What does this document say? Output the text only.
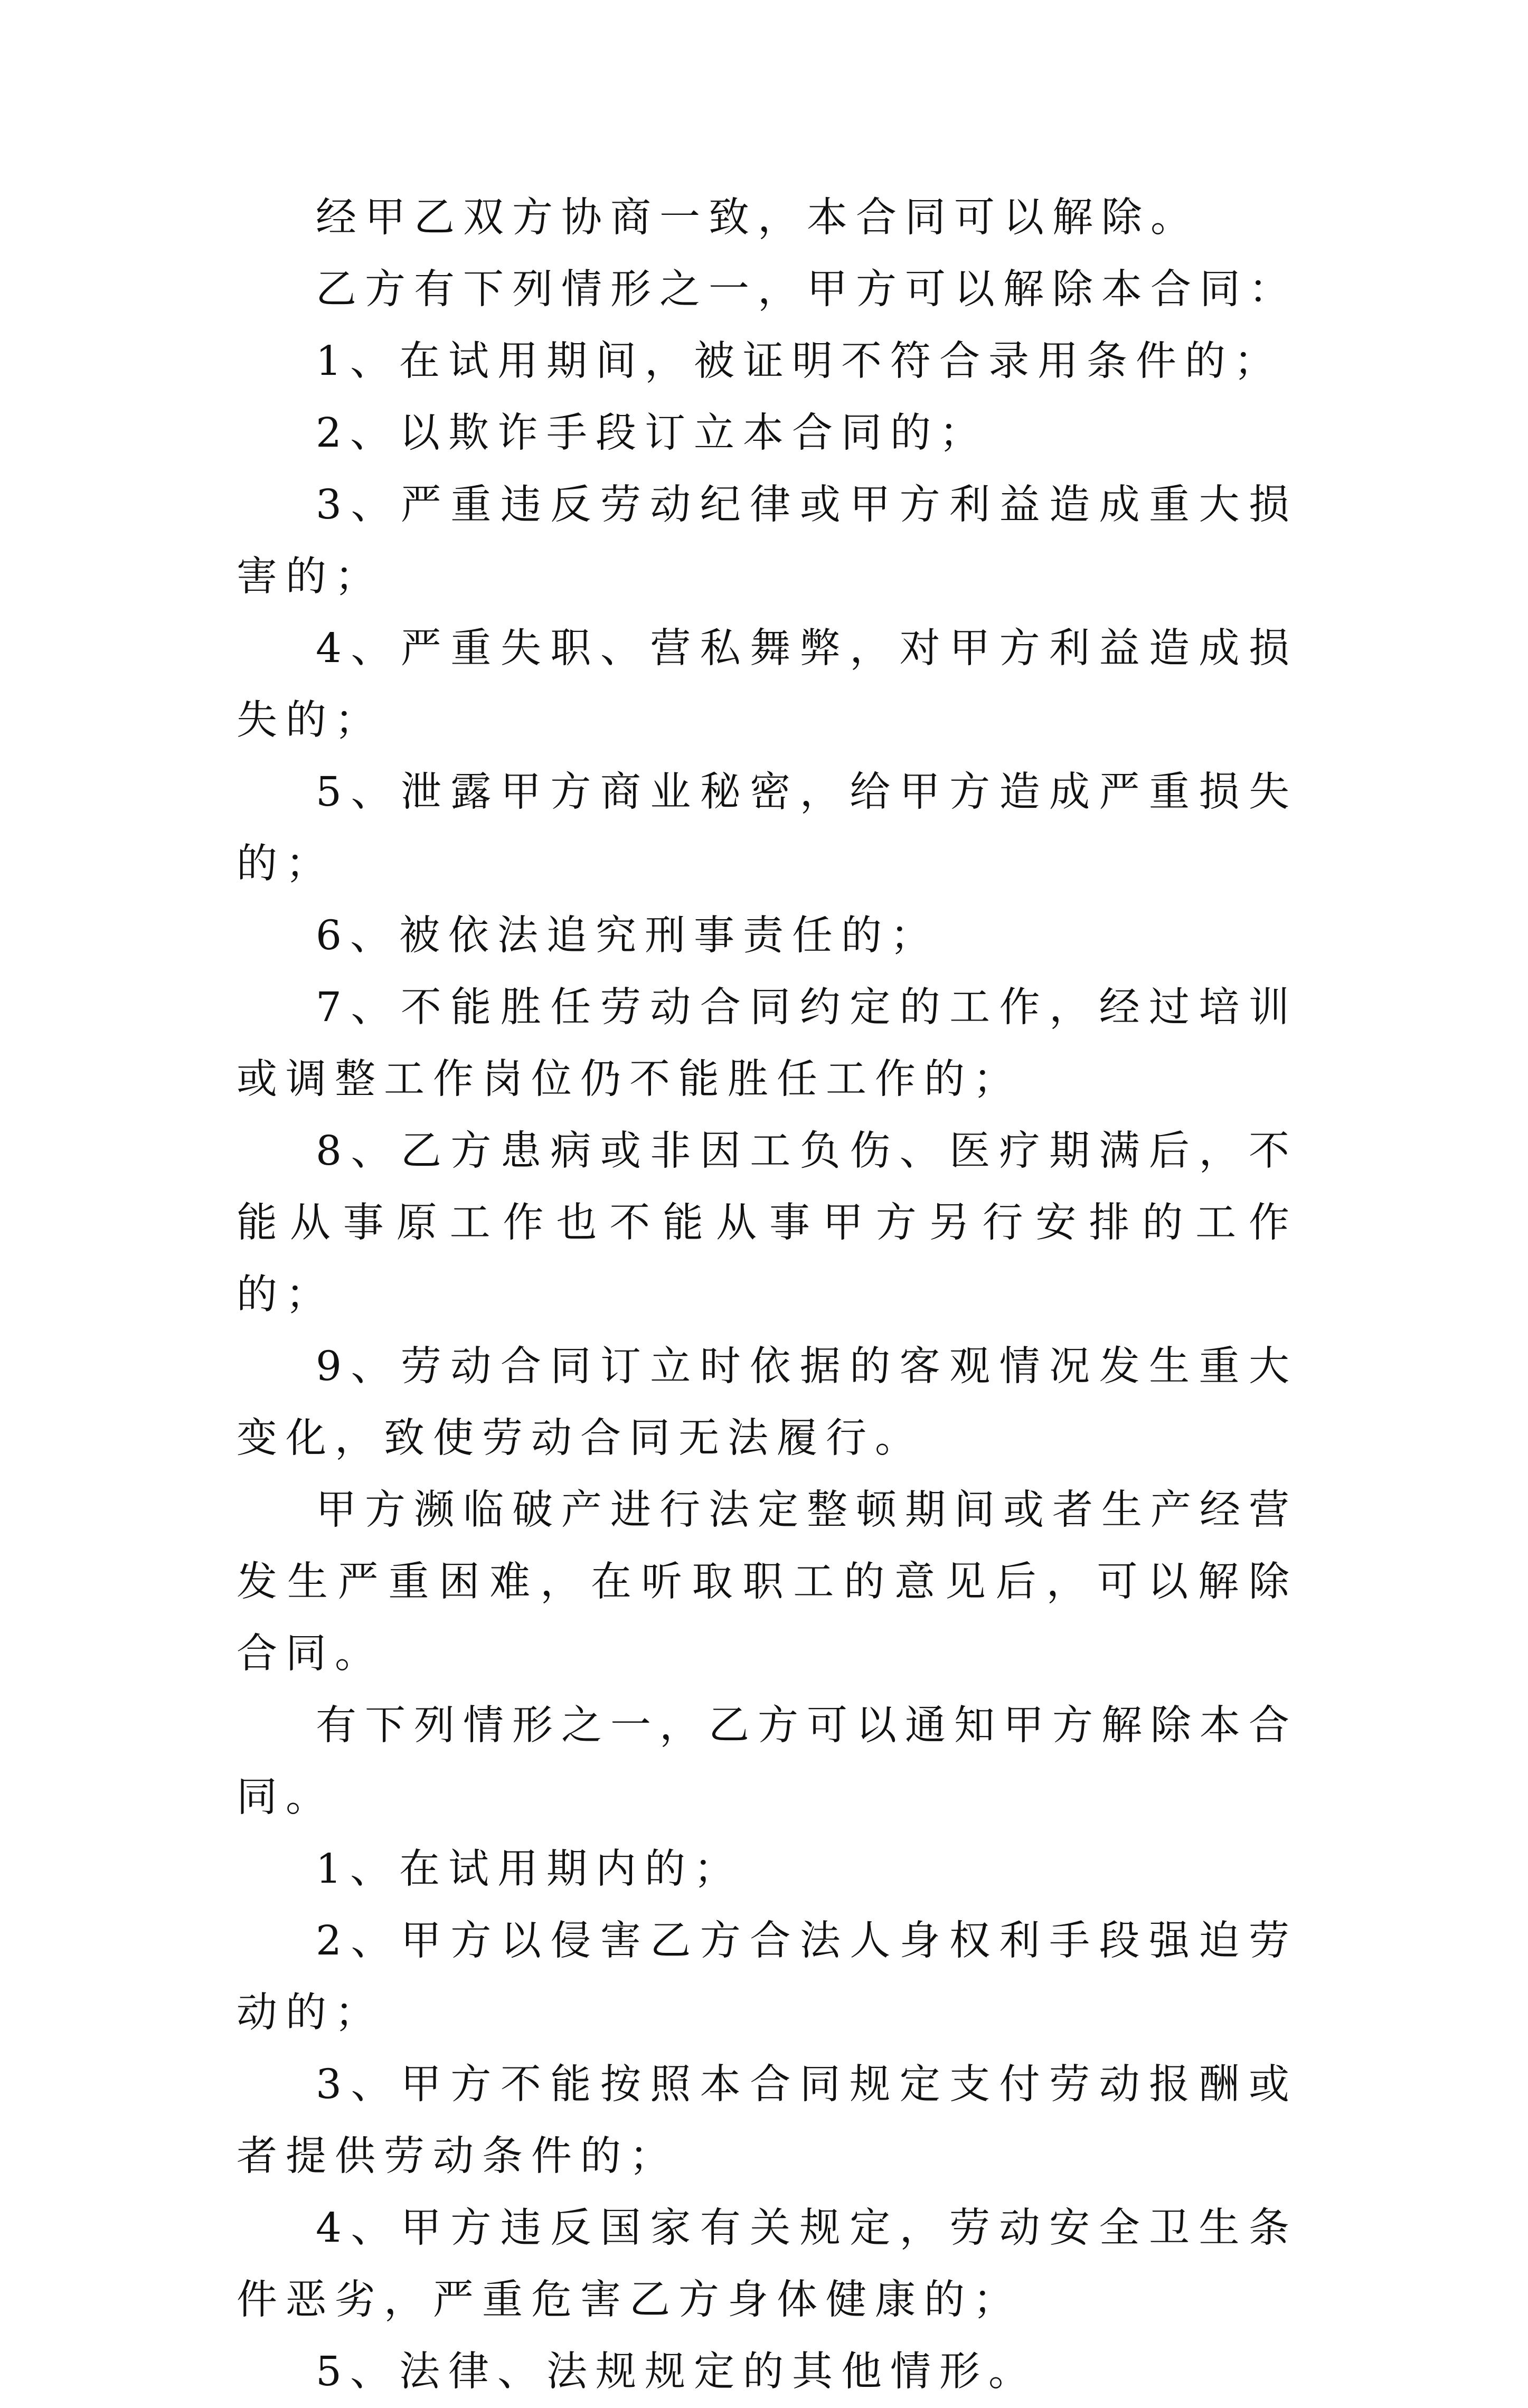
经甲乙双方协商一致，本合同可以解除。

乙方有下列情形之一，甲方可以解除本合同：

1、在试用期间，被证明不符合录用条件的；

2、以欺诈手段订立本合同的；

3、严重违反劳动纪律或甲方利益造成重大损害的；

4、严重失职、营私舞弊，对甲方利益造成损失的；

5、泄露甲方商业秘密，给甲方造成严重损失的；

6、被依法追究刑事责任的；

7、不能胜任劳动合同约定的工作，经过培训或调整工作岗位仍不能胜任工作的；

8、乙方患病或非因工负伤、医疗期满后，不能从事原工作也不能从事甲方另行安排的工作的；

9、劳动合同订立时依据的客观情况发生重大变化，致使劳动合同无法履行。

甲方濒临破产进行法定整顿期间或者生产经营发生严重困难，在听取职工的意见后，可以解除合同。

有下列情形之一，乙方可以通知甲方解除本合同。

1、在试用期内的；

2、甲方以侵害乙方合法人身权利手段强迫劳动的；

3、甲方不能按照本合同规定支付劳动报酬或者提供劳动条件的；

4、甲方违反国家有关规定，劳动安全卫生条件恶劣，严重危害乙方身体健康的；

5、法律、法规规定的其他情形。
